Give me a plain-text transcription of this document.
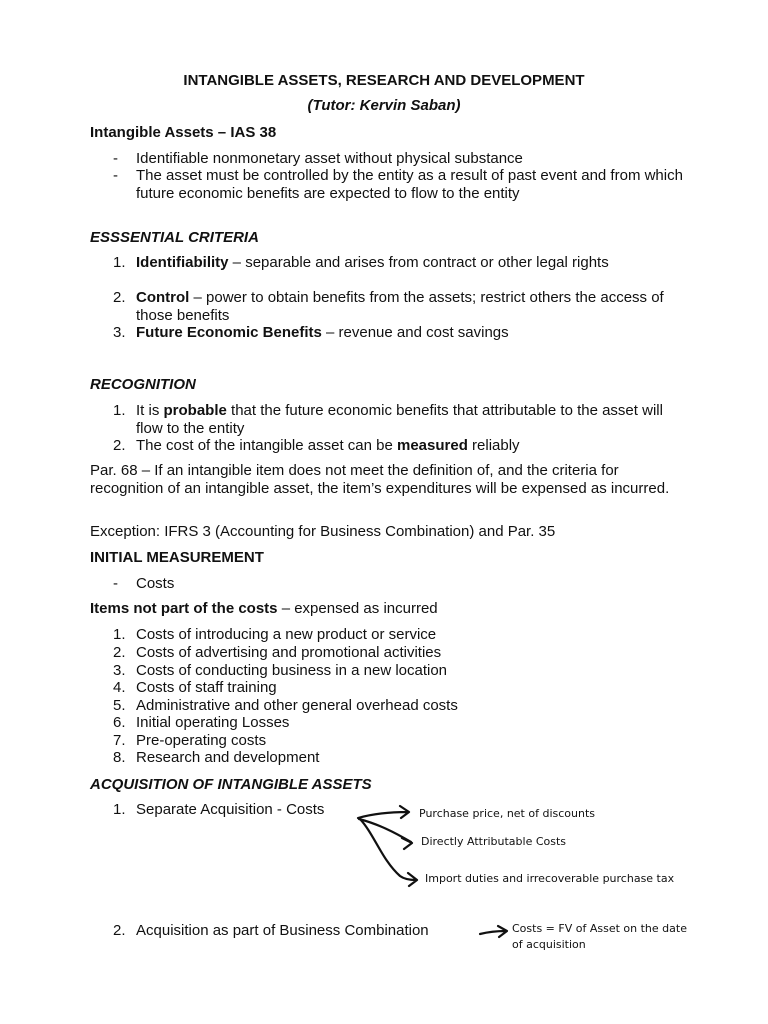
INTANGIBLE ASSETS, RESEARCH AND DEVELOPMENT
(Tutor: Kervin Saban)
Intangible Assets – IAS 38
-	Identifiable nonmonetary asset without physical substance
-	The asset must be controlled by the entity as a result of past event and from which future economic benefits are expected to flow to the entity
ESSSENTIAL CRITERIA
1. Identifiability – separable and arises from contract or other legal rights
2. Control – power to obtain benefits from the assets; restrict others the access of those benefits
3. Future Economic Benefits – revenue and cost savings
RECOGNITION
1. It is probable that the future economic benefits that attributable to the asset will flow to the entity
2. The cost of the intangible asset can be measured reliably
Par. 68 – If an intangible item does not meet the definition of, and the criteria for recognition of an intangible asset, the item’s expenditures will be expensed as incurred.
Exception: IFRS 3 (Accounting for Business Combination) and Par. 35
INITIAL MEASUREMENT
-	Costs
Items not part of the costs – expensed as incurred
1. Costs of introducing a new product or service
2. Costs of advertising and promotional activities
3. Costs of conducting business in a new location
4. Costs of staff training
5. Administrative and other general overhead costs
6. Initial operating Losses
7. Pre-operating costs
8. Research and development
ACQUISITION OF INTANGIBLE ASSETS
1. Separate Acquisition - Costs	Purchase price, net of discounts
Directly Attributable Costs
Import duties and irrecoverable purchase tax
2. Acquisition as part of Business Combination	Costs = FV of Asset on the date
of acquisition
